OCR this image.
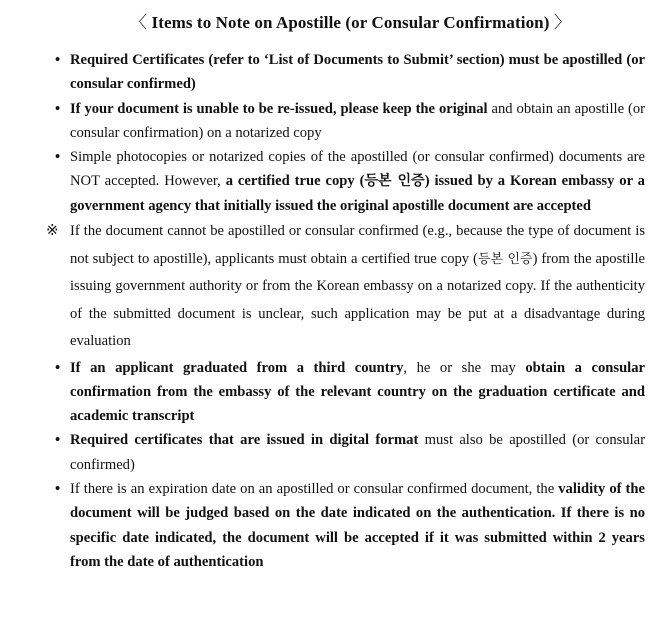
〈 Items to Note on Apostille (or Consular Confirmation) 〉
• Required Certificates (refer to ‘List of Documents to Submit’ section) must be apostilled (or consular confirmed)
• If your document is unable to be re-issued, please keep the original and obtain an apostille (or consular confirmation) on a notarized copy
• Simple photocopies or notarized copies of the apostilled (or consular confirmed) documents are NOT accepted. However, a certified true copy (등본 인증) issued by a Korean embassy or a government agency that initially issued the original apostille document are accepted
※ If the document cannot be apostilled or consular confirmed (e.g., because the type of document is not subject to apostille), applicants must obtain a certified true copy (등본 인증) from the apostille issuing government authority or from the Korean embassy on a notarized copy. If the authenticity of the submitted document is unclear, such application may be put at a disadvantage during evaluation
• If an applicant graduated from a third country, he or she may obtain a consular confirmation from the embassy of the relevant country on the graduation certificate and academic transcript
• Required certificates that are issued in digital format must also be apostilled (or consular confirmed)
• If there is an expiration date on an apostilled or consular confirmed document, the validity of the document will be judged based on the date indicated on the authentication. If there is no specific date indicated, the document will be accepted if it was submitted within 2 years from the date of authentication
